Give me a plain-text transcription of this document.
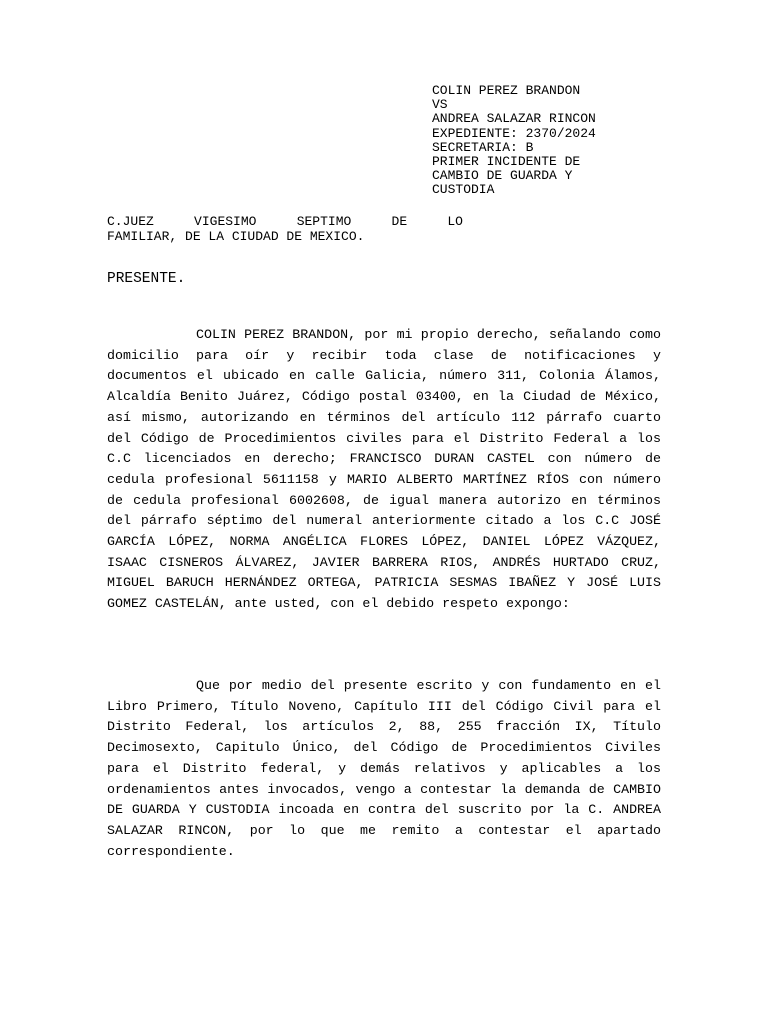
COLIN PEREZ BRANDON
VS
ANDREA SALAZAR RINCON
EXPEDIENTE: 2370/2024
SECRETARIA: B
PRIMER INCIDENTE DE
CAMBIO DE GUARDA Y
CUSTODIA
C.JUEZ VIGESIMO SEPTIMO DE LO
FAMILIAR, DE LA CIUDAD DE MEXICO.
PRESENTE.

COLIN PEREZ BRANDON, por mi propio derecho, señalando como domicilio para oír y recibir toda clase de notificaciones y documentos el ubicado en calle Galicia, número 311, Colonia Álamos, Alcaldía Benito Juárez, Código postal 03400, en la Ciudad de México, así mismo, autorizando en términos del artículo 112 párrafo cuarto del Código de Procedimientos civiles para el Distrito Federal a los C.C licenciados en derecho; FRANCISCO DURAN CASTEL con número de cedula profesional 5611158 y MARIO ALBERTO MARTÍNEZ RÍOS con número de cedula profesional 6002608, de igual manera autorizo en términos del párrafo séptimo del numeral anteriormente citado a los C.C JOSÉ GARCÍA LÓPEZ, NORMA ANGÉLICA FLORES LÓPEZ, DANIEL LÓPEZ VÁZQUEZ, ISAAC CISNEROS ÁLVAREZ, JAVIER BARRERA RIOS, ANDRÉS HURTADO CRUZ, MIGUEL BARUCH HERNÁNDEZ ORTEGA, PATRICIA SESMAS IBAÑEZ Y JOSÉ LUIS GOMEZ CASTELÁN, ante usted, con el debido respeto expongo:

Que por medio del presente escrito y con fundamento en el Libro Primero, Título Noveno, Capítulo III del Código Civil para el Distrito Federal, los artículos 2, 88, 255 fracción IX, Título Decimosexto, Capitulo Único, del Código de Procedimientos Civiles para el Distrito federal, y demás relativos y aplicables a los ordenamientos antes invocados, vengo a contestar la demanda de CAMBIO DE GUARDA Y CUSTODIA incoada en contra del suscrito por la C. ANDREA SALAZAR RINCON, por lo que me remito a contestar el apartado correspondiente.
